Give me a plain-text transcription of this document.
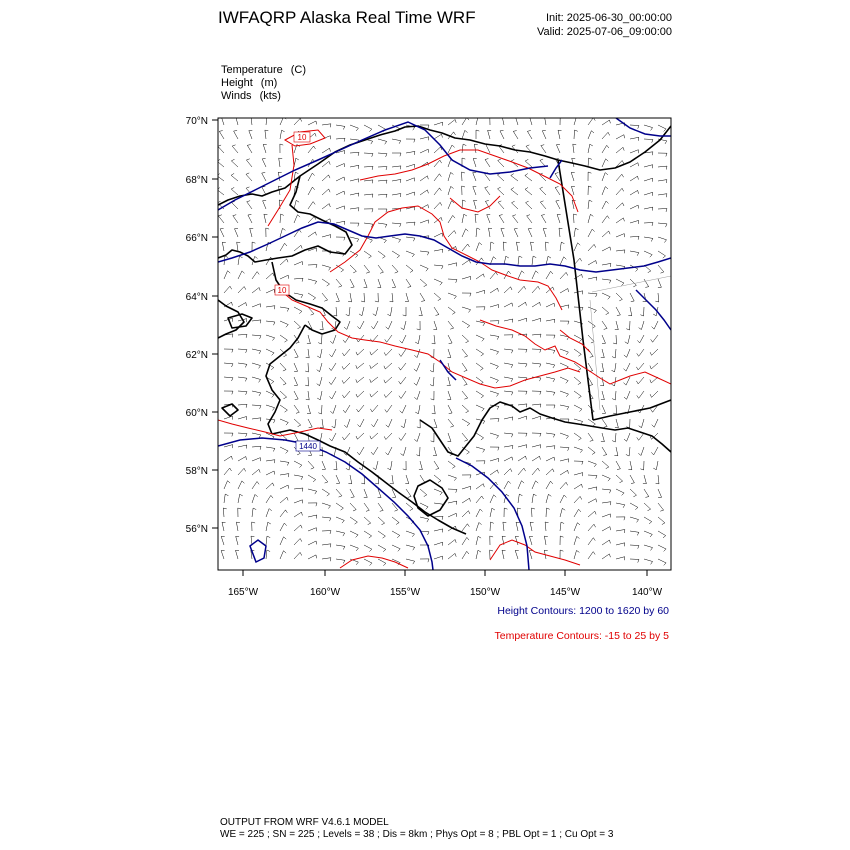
IWFAQRP Alaska Real Time WRF	Init: 2025-06-30_00:00:00
Valid: 2025-07-06_09:00:00
Temperature (C)
Height (m)
Winds (kts)
10
10
1440
70°N
68°N
66°N
64°N
62°N
60°N
58°N
56°N
165°W	160°W	155°W	150°W	145°W	140°W
Height Contours: 1200 to 1620 by 60
Temperature Contours: -15 to 25 by 5
OUTPUT FROM WRF V4.6.1 MODEL
WE = 225 ; SN = 225 ; Levels = 38 ; Dis = 8km ; Phys Opt = 8 ; PBL Opt = 1 ; Cu Opt = 3
